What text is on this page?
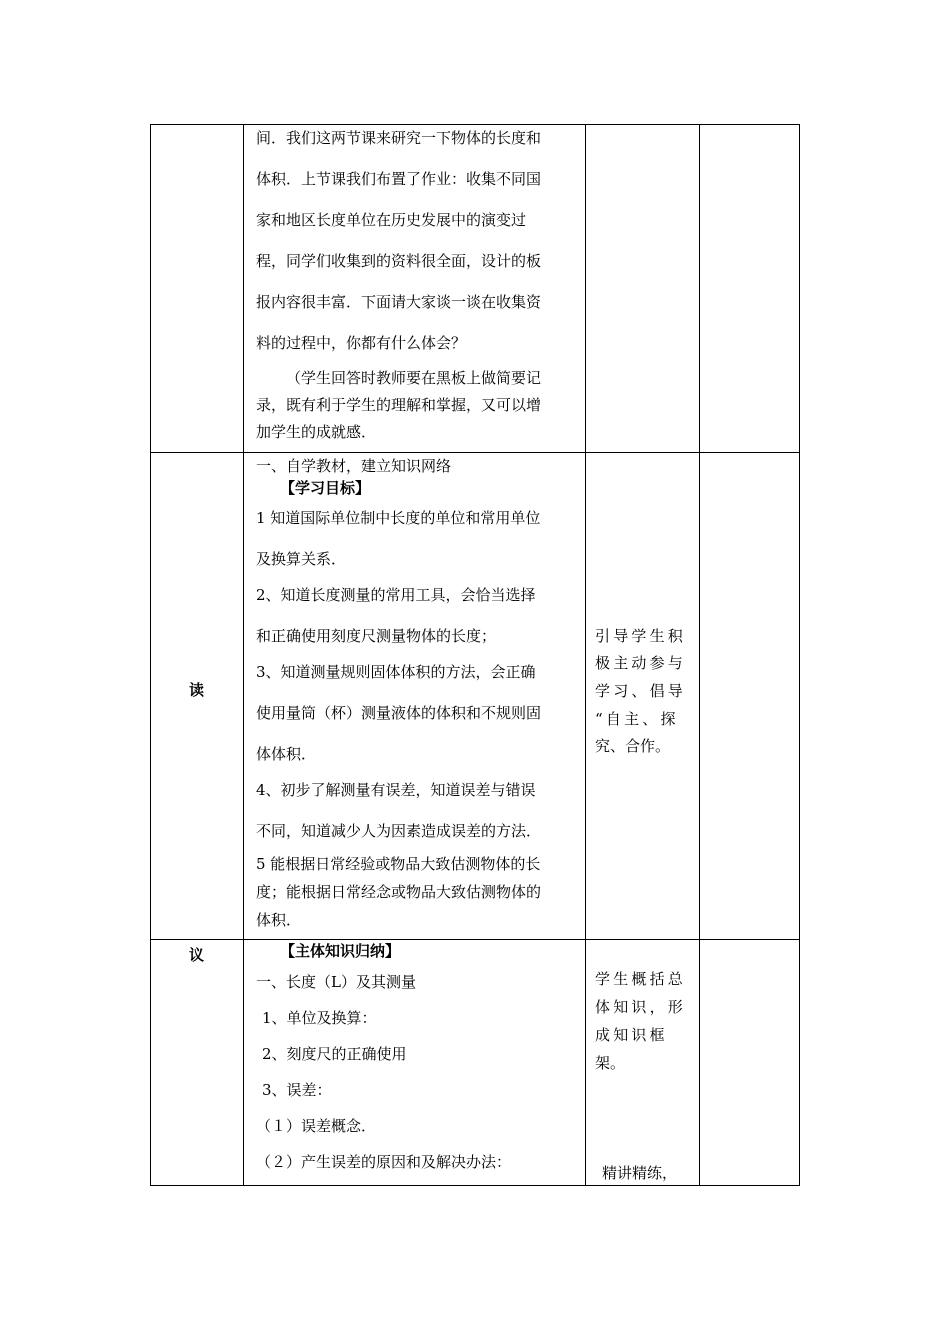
间．我们这两节课来研究一下物体的长度和
体积．上节课我们布置了作业：收集不同国
家和地区长度单位在历史发展中的演变过
程，同学们收集到的资料很全面，设计的板
报内容很丰富．下面请大家谈一谈在收集资
料的过程中，你都有什么体会？
（学生回答时教师要在黑板上做简要记
录，既有利于学生的理解和掌握，又可以增
加学生的成就感．
读
一、自学教材，建立知识网络
【学习目标】
1 知道国际单位制中长度的单位和常用单位
及换算关系．
2、知道长度测量的常用工具，会恰当选择
和正确使用刻度尺测量物体的长度；
3、知道测量规则固体体积的方法，会正确
使用量筒（杯）测量液体的体积和不规则固
体体积．
4、初步了解测量有误差，知道误差与错误
不同，知道减少人为因素造成误差的方法．
5 能根据日常经验或物品大致估测物体的长
度；能根据日常经念或物品大致估测物体的
体积．
引导学生积
极主动参与
学习、倡导
“自主、探
究、合作。
议	【主体知识归纳】
一、长度（L）及其测量
1、单位及换算：
2、刻度尺的正确使用
3、误差：
（１）误差概念．
（２）产生误差的原因和及解决办法：
学生概括总
体知识，形
成知识框
架。
精讲精练，
